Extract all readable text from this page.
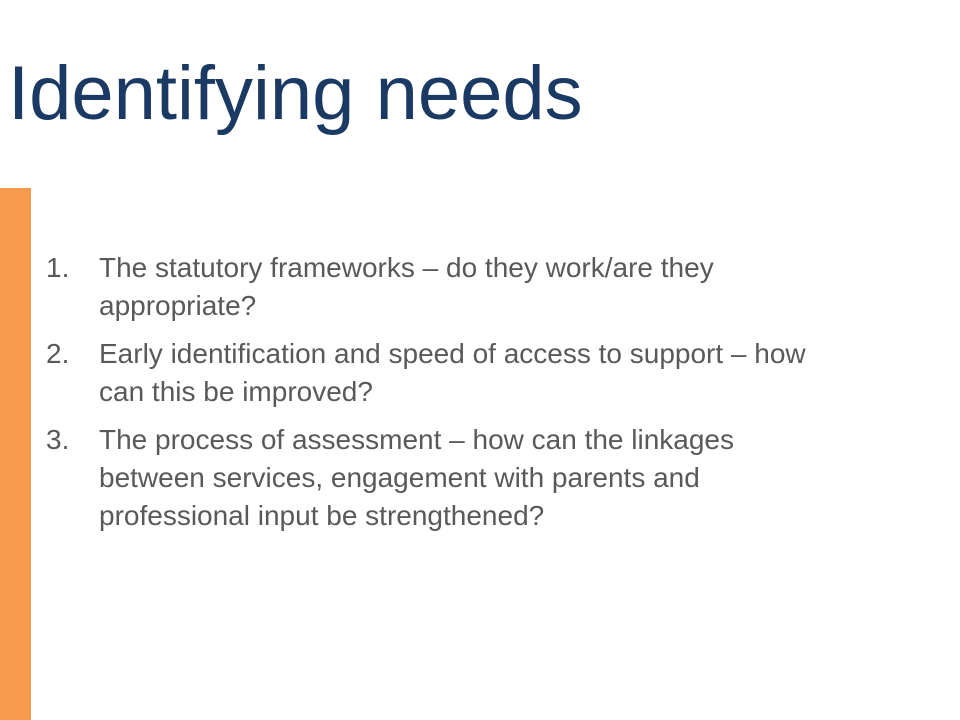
Identifying needs
1. The statutory frameworks – do they work/are they appropriate?
2. Early identification and speed of access to support – how can this be improved?
3. The process of assessment – how can the linkages between services, engagement with parents and professional input be strengthened?
